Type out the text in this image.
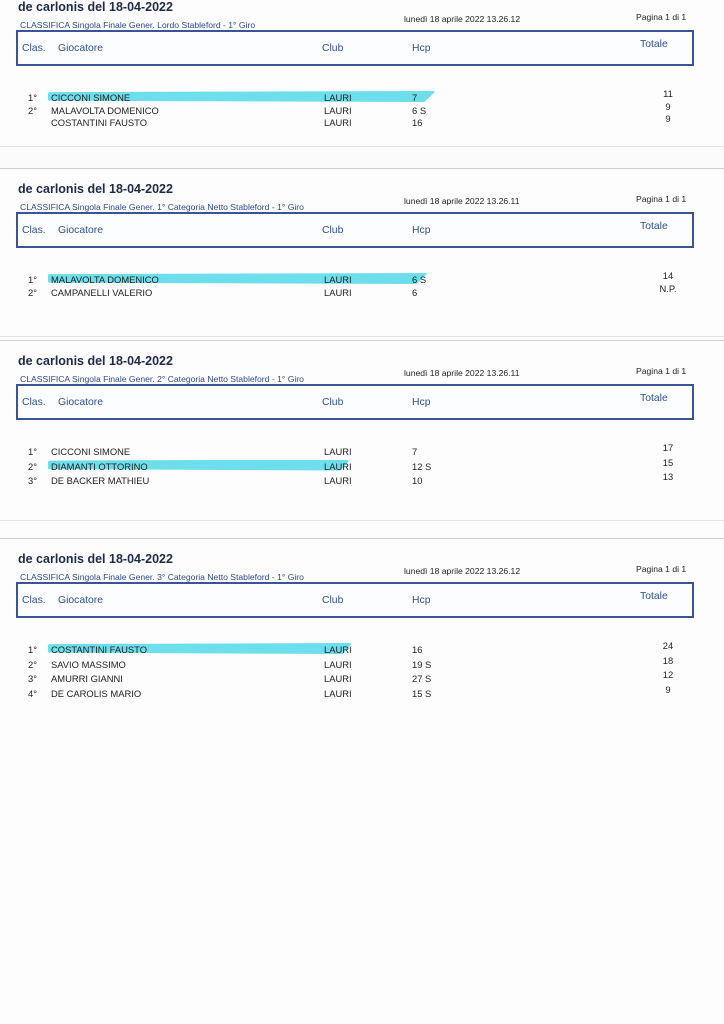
de carlonis del 18-04-2022
CLASSIFICA Singola Finale Gener. Lordo Stableford - 1° Giro
lunedì 18 aprile 2022 13.26.12	Pagina 1 di 1
Clas. Giocatore	Club	Hcp	Totale
1° CICCONI SIMONE	LAURI	7	11
2° MALAVOLTA DOMENICO	LAURI	6 S	9
COSTANTINI FAUSTO	LAURI	16	9
de carlonis del 18-04-2022
CLASSIFICA Singola Finale Gener. 1° Categoria Netto Stableford - 1° Giro
lunedì 18 aprile 2022 13.26.11	Pagina 1 di 1
Clas. Giocatore	Club	Hcp	Totale
1° MALAVOLTA DOMENICO	LAURI	6 S	14
2° CAMPANELLI VALERIO	LAURI	6	N.P.
de carlonis del 18-04-2022
CLASSIFICA Singola Finale Gener. 2° Categoria Netto Stableford - 1° Giro
lunedì 18 aprile 2022 13.26.11	Pagina 1 di 1
Clas. Giocatore	Club	Hcp	Totale
1° CICCONI SIMONE	LAURI	7	17
2° DIAMANTI OTTORINO	LAURI	12 S	15
3° DE BACKER MATHIEU	LAURI	10	13
de carlonis del 18-04-2022
CLASSIFICA Singola Finale Gener. 3° Categoria Netto Stableford - 1° Giro
lunedì 18 aprile 2022 13.26.12	Pagina 1 di 1
Clas. Giocatore	Club	Hcp	Totale
1° COSTANTINI FAUSTO	LAURI	16	24
2° SAVIO MASSIMO	LAURI	19 S	18
3° AMURRI GIANNI	LAURI	27 S	12
4° DE CAROLIS MARIO	LAURI	15 S	9
